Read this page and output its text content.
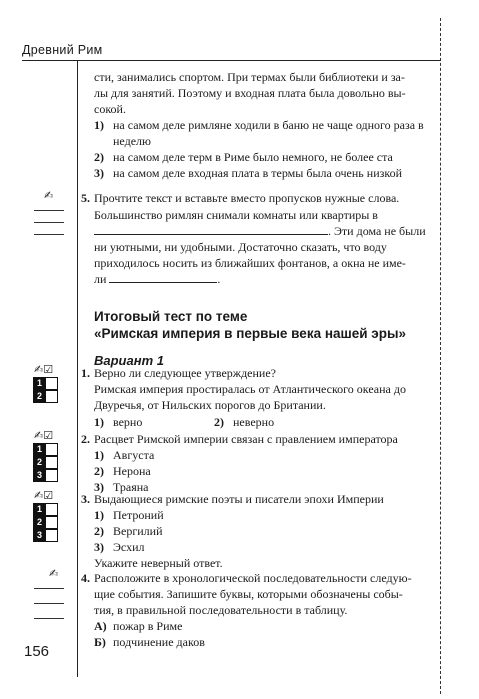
Древний Рим
156
сти, занимались спортом. При термах были библиотеки и за-
лы для занятий. Поэтому и входная плата была довольно вы-
сокой.
1) на самом деле римляне ходили в баню не чаще одного раза в
неделю
2) на самом деле терм в Риме было немного, не более ста
3) на самом деле входная плата в термы была очень низкой
✍ 5. Прочтите текст и вставьте вместо пропусков нужные слова.
Большинство римлян снимали комнаты или квартиры в
. Эти дома не были
ни уютными, ни удобными. Достаточно сказать, что воду
приходилось носить из ближайших фонтанов, а окна не име-
ли	.
Итоговый тест по теме
«Римская империя в первые века нашей эры»
Вариант 1
✍☑
1
2
1. Верно ли следующее утверждение?
Римская империя простиралась от Атлантического океана до
Двуречья, от Нильских порогов до Британии.
1) верно	2) неверно
✍☑
1
2
3
2. Расцвет Римской империи связан с правлением императора
1) Августа
2) Нерона
3) Траяна
✍☑
1
2
3
3. Выдающиеся римские поэты и писатели эпохи Империи
1) Петроний
2) Вергилий
3) Эсхил
Укажите неверный ответ.
✍ 4. Расположите в хронологической последовательности следую-
щие события. Запишите буквы, которыми обозначены собы-
тия, в правильной последовательности в таблицу.
А) пожар в Риме
Б) подчинение даков
